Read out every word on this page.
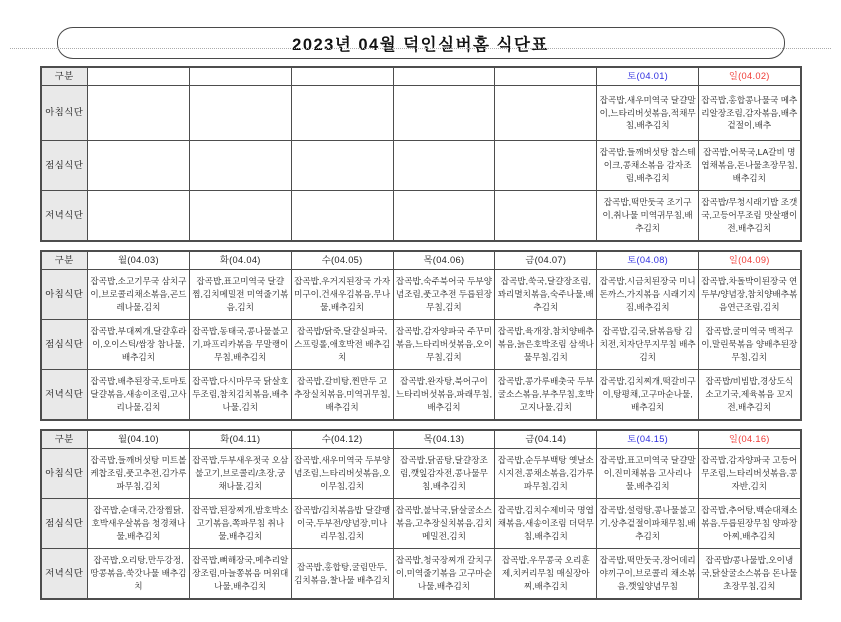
2023년 04월 덕인실버홈 식단표
구분						토(04.01)	일(04.02)
아침식단						잡곡밥,새우미역국 달걀말이,느타리버섯볶음,적채무침,배추김치	잡곡밥,홍합콩나물국 메추리알장조림,감자볶음,배추겉절이,배추
점심식단						잡곡밥,들깨버섯탕 찹스테이크,콩채소볶음 감자조림,배추김치	잡곡밥,어묵국,LA갈비 명엽채볶음,돈나물초장무침,배추김치
저녁식단						잡곡밥,떡만둣국 조기구이,취나물 미역귀무침,배추김치	잡곡밥/무청시래기밥 조갯국,고등어무조림 맛살팽이전,배추김치
구분	월(04.03)	화(04.04)	수(04.05)	목(04.06)	금(04.07)	토(04.08)	일(04.09)
아침식단	잡곡밥,소고기무국 삼치구이,브로콜리채소볶음,곤드레나물,김치	잡곡밥,표고미역국 달걀찜,김치메밀전 미역줄기볶음,김치	잡곡밥,우거지된장국 가자미구이,건새우김볶음,무나물,배추김치	잡곡밥,숙주북어국 두부양념조림,풋고추전 두릅된장무침,김치	잡곡밥,쑥국,달걀장조림,꽈리멸치볶음,숙주나물,배추김치	잡곡밥,시금치된장국 미니돈까스,가지볶음 시래기지짐,배추김치	잡곡밥,차돌박이된장국 연두부/양념장,참치양배추볶음연근조림,김치
점심식단	잡곡밥,부대찌개,달걀후라이,오이스틱/쌈장 참나물,배추김치	잡곡밥,동태국,콩나물불고기,파프리카볶음 무말랭이무침,배추김치	잡곡밥/닭죽,달걀실파국,스프링롤,애호박전 배추김치	잡곡밥,감자양파국 주꾸미볶음,느타리버섯볶음,오이무침,김치	잡곡밥,육개장,참치양배추볶음,늙은호박조림 삼색나물무침,김치	잡곡밥,김국,닭볶음탕 김치전,치자단무지무침 배추김치	잡곡밥,굴미역국 맥적구이,말린묵볶음 양배추된장무침,김치
저녁식단	잡곡밥,배추된장국,토마토달걀볶음,새송이조림,고사리나물,김치	잡곡밥,다시마무국 닭살호두조림,참치김치볶음,배추나물,김치	잡곡밥,갈비탕,찐만두 고추장실치볶음,미역귀무침,배추김치	잡곡밥,완자탕,북어구이 느타리버섯볶음,파래무침,배추김치	잡곡밥,콩가루배춧국 두부굴소스볶음,부추무침,호박고지나물,김치	잡곡밥,김치찌개,떡갈비구이,탕평채,고구마순나물,배추김치	잡곡밥/비빔밥,경상도식 소고기국,제육볶음 꼬지전,배추김치
구분	월(04.10)	화(04.11)	수(04.12)	목(04.13)	금(04.14)	토(04.15)	일(04.16)
아침식단	잡곡밥,들깨버섯탕 미트볼케찹조림,풋고추전,김가루파무침,김치	잡곡밥,두부새우젓국 오삼불고기,브로콜리/초장,궁채나물,김치	잡곡밥,새우미역국 두부양념조림,느타리버섯볶음,오이무침,김치	잡곡밥,닭곰탕,달걀장조림,깻잎감자전,콩나물무침,배추김치	잡곡밥,순두부백탕 옛날소시지전,콩채소볶음,김가루파무침,김치	잡곡밥,표고미역국 달걀말이,진미채볶음 고사리나물,배추김치	잡곡밥,감자양파국 고등어무조림,느타리버섯볶음,콩자반,김치
점심식단	잡곡밥,순대국,간장찜닭,호박새우살볶음 청경채나물,배추김치	잡곡밥,된장찌개,밤호박소고기볶음,쪽파무침 취나물,배추김치	잡곡밥/김치볶음밥 달걀팽이국,두부전/양념장,미나리무침,김치	잡곡밥,불낙국,닭살굴소스볶음,고추장실치볶음,김치메밀전,김치	잡곡밥,김치수제비국 명엽채볶음,새송이조림 더덕무침,배추김치	잡곡밥,설렁탕,콩나물불고기,상추겉절이파채무침,배추김치	잡곡밥,추어탕,백순대채소볶음,두릅된장무침 양파장아찌,배추김치
저녁식단	잡곡밥,오리탕,만두강정,땅콩볶음,쑥갓나물 배추김치	잡곡밥,뼈해장국,메추리알장조림,마늘쫑볶음 머위대나물,배추김치	잡곡밥,홍합탕,굴림만두,김치볶음,찰나물 배추김치	잡곡밥,청국장찌개 갈치구이,미역줄기볶음 고구마순나물,배추김치	잡곡밥,우무콩국 오리훈제,치커리무침 매실장아찌,배추김치	잡곡밥,떡만둣국,장어데리야끼구이,브로콜리 채소볶음,깻잎양념무침	잡곡밥/콩나물밥,오이냉국,닭살굴소스볶음 돈나물초장무침,김치
